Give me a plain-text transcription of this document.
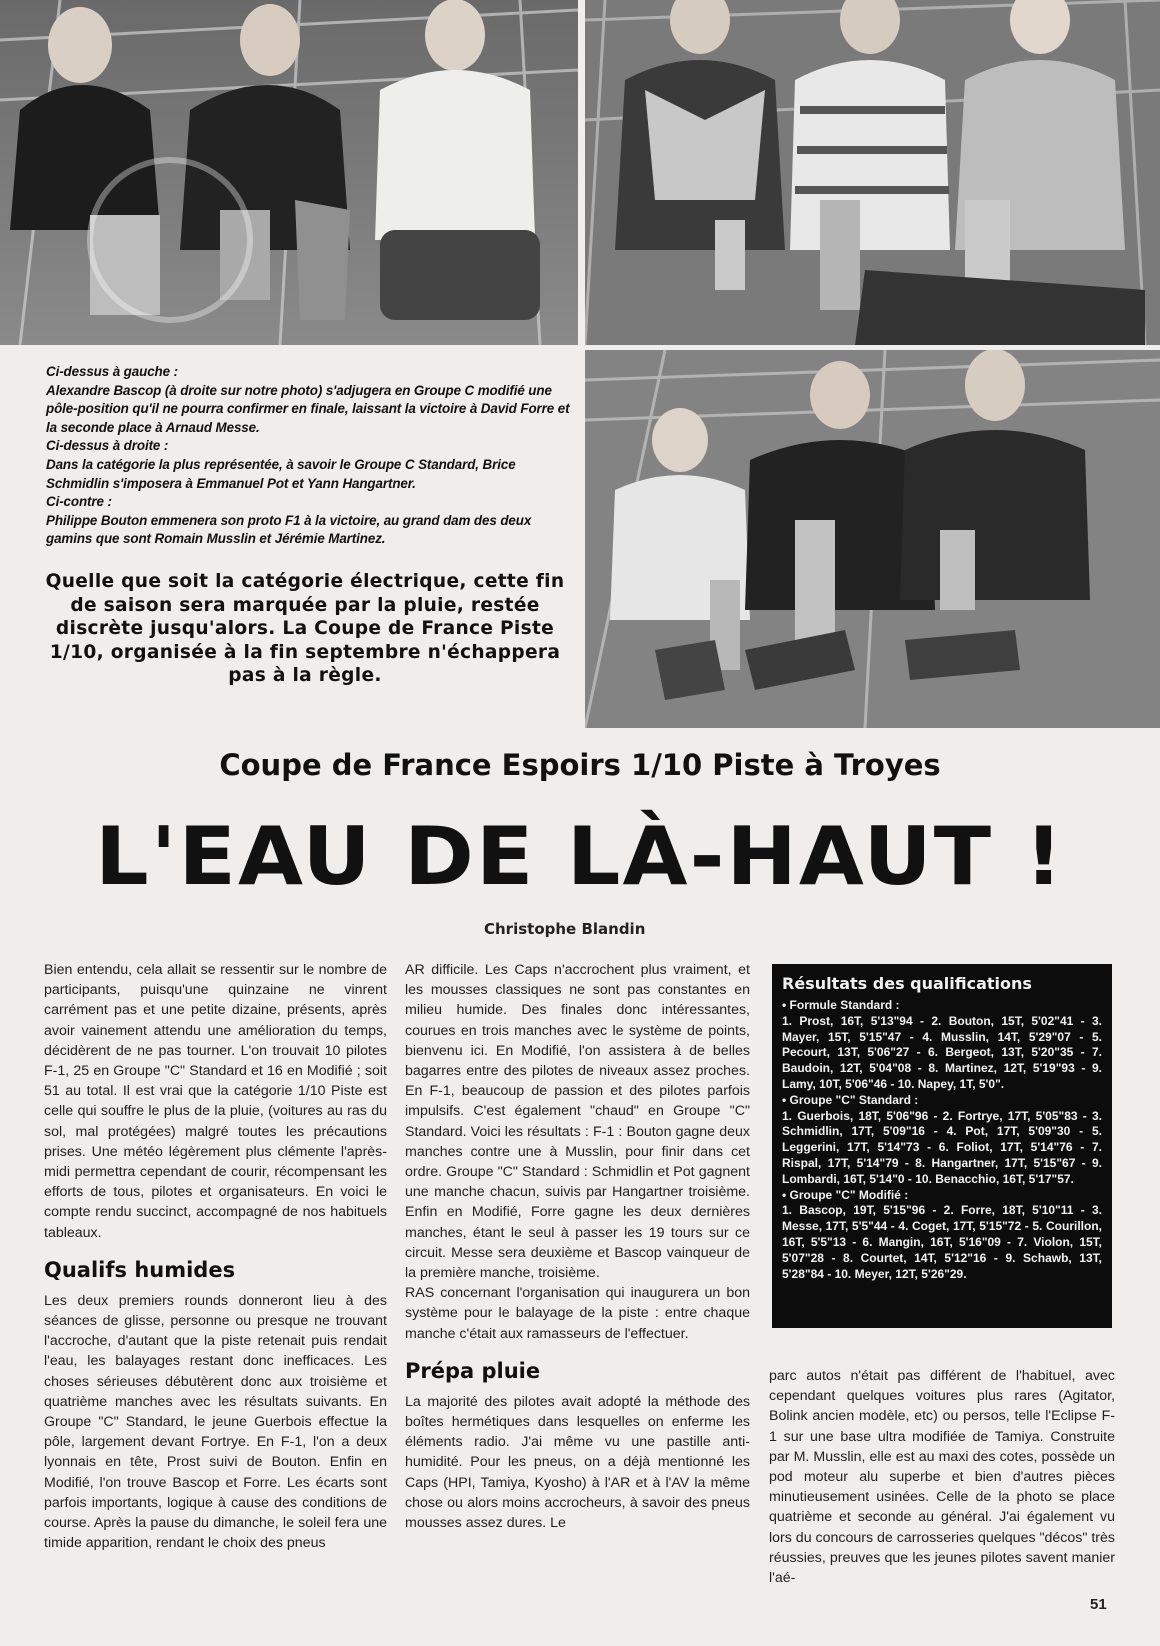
Ci-dessus à gauche :
Alexandre Bascop (à droite sur notre photo) s'adjugera en Groupe C modifié une pôle-position qu'il ne pourra confirmer en finale, laissant la victoire à David Forre et la seconde place à Arnaud Messe.
Ci-dessus à droite :
Dans la catégorie la plus représentée, à savoir le Groupe C Standard, Brice Schmidlin s'imposera à Emmanuel Pot et Yann Hangartner.
Ci-contre :
Philippe Bouton emmenera son proto F1 à la victoire, au grand dam des deux gamins que sont Romain Musslin et Jérémie Martinez.
Quelle que soit la catégorie électrique, cette fin de saison sera marquée par la pluie, restée discrète jusqu'alors. La Coupe de France Piste 1/10, organisée à la fin septembre n'échappera pas à la règle.
Coupe de France Espoirs 1/10 Piste à Troyes
L'EAU DE LÀ-HAUT !
Christophe Blandin

Bien entendu, cela allait se ressentir sur le nombre de participants, puisqu'une quinzaine ne vinrent carrément pas et une petite dizaine, présents, après avoir vainement attendu une amélioration du temps, décidèrent de ne pas tourner. L'on trouvait 10 pilotes F-1, 25 en Groupe "C" Standard et 16 en Modifié ; soit 51 au total. Il est vrai que la catégorie 1/10 Piste est celle qui souffre le plus de la pluie, (voitures au ras du sol, mal protégées) malgré toutes les précautions prises. Une météo légèrement plus clémente l'après-midi permettra cependant de courir, récompensant les efforts de tous, pilotes et organisateurs. En voici le compte rendu succinct, accompagné de nos habituels tableaux.

Qualifs humides

Les deux premiers rounds donneront lieu à des séances de glisse, personne ou presque ne trouvant l'accroche, d'autant que la piste retenait puis rendait l'eau, les balayages restant donc inefficaces. Les choses sérieuses débutèrent donc aux troisième et quatrième manches avec les résultats suivants. En Groupe "C" Standard, le jeune Guerbois effectue la pôle, largement devant Fortrye. En F-1, l'on a deux lyonnais en tête, Prost suivi de Bouton. Enfin en Modifié, l'on trouve Bascop et Forre. Les écarts sont parfois importants, logique à cause des conditions de course. Après la pause du dimanche, le soleil fera une timide apparition, rendant le choix des pneus

AR difficile. Les Caps n'accrochent plus vraiment, et les mousses classiques ne sont pas constantes en milieu humide. Des finales donc intéressantes, courues en trois manches avec le système de points, bienvenu ici. En Modifié, l'on assistera à de belles bagarres entre des pilotes de niveaux assez proches. En F-1, beaucoup de passion et des pilotes parfois impulsifs. C'est également "chaud" en Groupe "C" Standard. Voici les résultats : F-1 : Bouton gagne deux manches contre une à Musslin, pour finir dans cet ordre. Groupe "C" Standard : Schmidlin et Pot gagnent une manche chacun, suivis par Hangartner troisième. Enfin en Modifié, Forre gagne les deux dernières manches, étant le seul à passer les 19 tours sur ce circuit. Messe sera deuxième et Bascop vainqueur de la première manche, troisième.

RAS concernant l'organisation qui inaugurera un bon système pour le balayage de la piste : entre chaque manche c'était aux ramasseurs de l'effectuer.

Prépa pluie

La majorité des pilotes avait adopté la méthode des boîtes hermétiques dans lesquelles on enferme les éléments radio. J'ai même vu une pastille anti-humidité. Pour les pneus, on a déjà mentionné les Caps (HPI, Tamiya, Kyosho) à l'AR et à l'AV la même chose ou alors moins accrocheurs, à savoir des pneus mousses assez dures. Le

Résultats des qualifications
• Formule Standard :
1. Prost, 16T, 5'13"94 - 2. Bouton, 15T, 5'02"41 - 3. Mayer, 15T, 5'15"47 - 4. Musslin, 14T, 5'29"07 - 5. Pecourt, 13T, 5'06"27 - 6. Bergeot, 13T, 5'20"35 - 7. Baudoin, 12T, 5'04"08 - 8. Martinez, 12T, 5'19"93 - 9. Lamy, 10T, 5'06"46 - 10. Napey, 1T, 5'0".
• Groupe "C" Standard :
1. Guerbois, 18T, 5'06"96 - 2. Fortrye, 17T, 5'05"83 - 3. Schmidlin, 17T, 5'09"16 - 4. Pot, 17T, 5'09"30 - 5. Leggerini, 17T, 5'14"73 - 6. Foliot, 17T, 5'14"76 - 7. Rispal, 17T, 5'14"79 - 8. Hangartner, 17T, 5'15"67 - 9. Lombardi, 16T, 5'14"0 - 10. Benacchio, 16T, 5'17"57.
• Groupe "C" Modifié :
1. Bascop, 19T, 5'15"96 - 2. Forre, 18T, 5'10"11 - 3. Messe, 17T, 5'5"44 - 4. Coget, 17T, 5'15"72 - 5. Courillon, 16T, 5'5"13 - 6. Mangin, 16T, 5'16"09 - 7. Violon, 15T, 5'07"28 - 8. Courtet, 14T, 5'12"16 - 9. Schawb, 13T, 5'28"84 - 10. Meyer, 12T, 5'26"29.

parc autos n'était pas différent de l'habituel, avec cependant quelques voitures plus rares (Agitator, Bolink ancien modèle, etc) ou persos, telle l'Eclipse F-1 sur une base ultra modifiée de Tamiya. Construite par M. Musslin, elle est au maxi des cotes, possède un pod moteur alu superbe et bien d'autres pièces minutieusement usinées. Celle de la photo se place quatrième et seconde au général. J'ai également vu lors du concours de carrosseries quelques "décos" très réussies, preuves que les jeunes pilotes savent manier l'aé-

51
